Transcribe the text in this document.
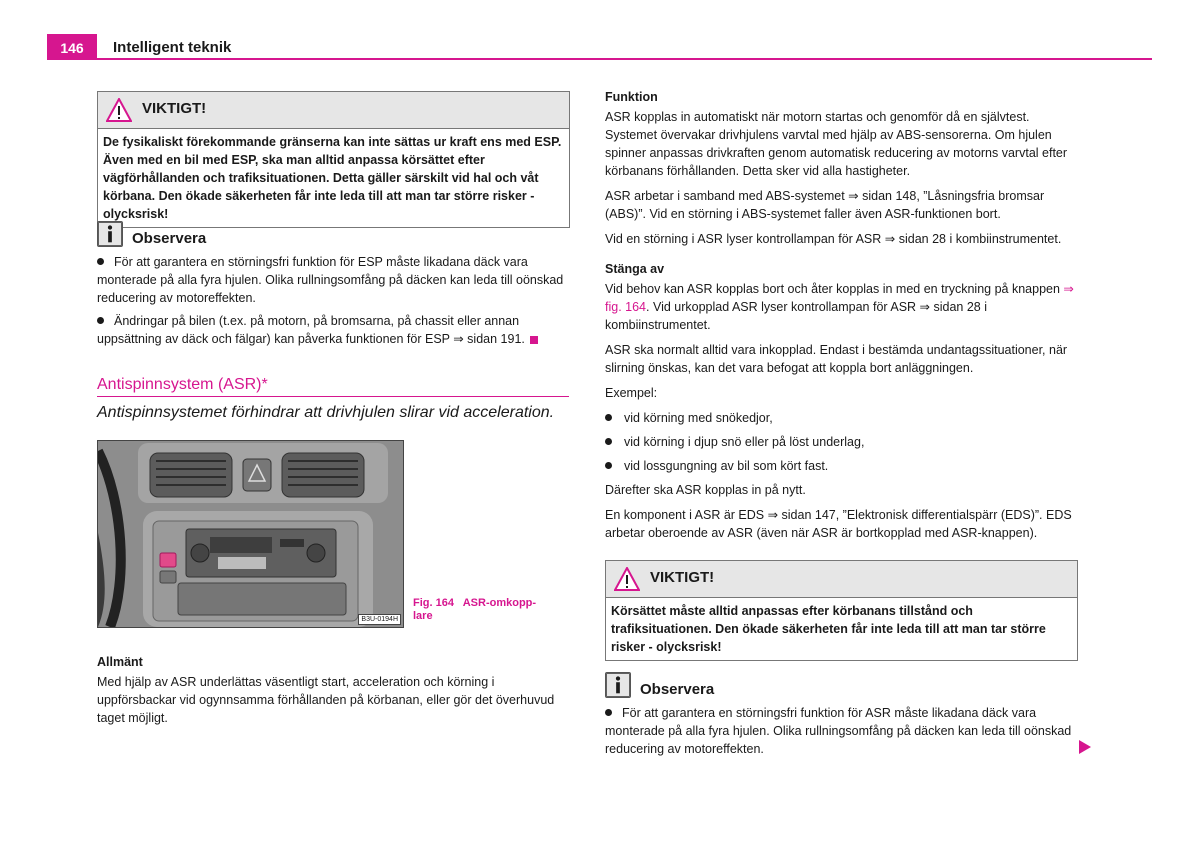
146	Intelligent teknik
VIKTIGT!
De fysikaliskt förekommande gränserna kan inte sättas ur kraft ens med ESP. Även med en bil med ESP, ska man alltid anpassa körsättet efter vägförhållanden och trafiksituationen. Detta gäller särskilt vid hal och våt körbana. Den ökade säkerheten får inte leda till att man tar större risker - olycksrisk!
Observera

För att garantera en störningsfri funktion för ESP måste likadana däck vara monterade på alla fyra hjulen. Olika rullningsomfång på däcken kan leda till oönskad reducering av motoreffekten.

Ändringar på bilen (t.ex. på motorn, på bromsarna, på chassit eller annan uppsättning av däck och fälgar) kan påverka funktionen för ESP ⇒ sidan 191.

Antispinnsystem (ASR)*
Antispinnsystemet förhindrar att drivhjulen slirar vid acceleration.
B3U-0194H
Fig. 164 ASR-omkopp-lare

Allmänt

Med hjälp av ASR underlättas väsentligt start, acceleration och körning i uppförsbackar vid ogynnsamma förhållanden på körbanan, eller gör det överhuvud taget möjligt.

Funktion

ASR kopplas in automatiskt när motorn startas och genomför då en självtest. Systemet övervakar drivhjulens varvtal med hjälp av ABS-sensorerna. Om hjulen spinner anpassas drivkraften genom automatisk reducering av motorns varvtal efter körbanans förhållanden. Detta sker vid alla hastigheter.

ASR arbetar i samband med ABS-systemet ⇒ sidan 148, ”Låsningsfria bromsar (ABS)”. Vid en störning i ABS-systemet faller även ASR-funktionen bort.

Vid en störning i ASR lyser kontrollampan för ASR ⇒ sidan 28 i kombiinstrumentet.

Stänga av

Vid behov kan ASR kopplas bort och åter kopplas in med en tryckning på knappen ⇒ fig. 164. Vid urkopplad ASR lyser kontrollampan för ASR ⇒ sidan 28 i kombiinstrumentet.

ASR ska normalt alltid vara inkopplad. Endast i bestämda undantagssituationer, när slirning önskas, kan det vara befogat att koppla bort anläggningen.

Exempel:

vid körning med snökedjor,

vid körning i djup snö eller på löst underlag,

vid lossgungning av bil som kört fast.

Därefter ska ASR kopplas in på nytt.

En komponent i ASR är EDS ⇒ sidan 147, ”Elektronisk differentialspärr (EDS)”. EDS arbetar oberoende av ASR (även när ASR är bortkopplad med ASR-knappen).

VIKTIGT!
Körsättet måste alltid anpassas efter körbanans tillstånd och trafiksituationen. Den ökade säkerheten får inte leda till att man tar större risker - olycksrisk!
Observera

För att garantera en störningsfri funktion för ASR måste likadana däck vara monterade på alla fyra hjulen. Olika rullningsomfång på däcken kan leda till oönskad reducering av motoreffekten.
